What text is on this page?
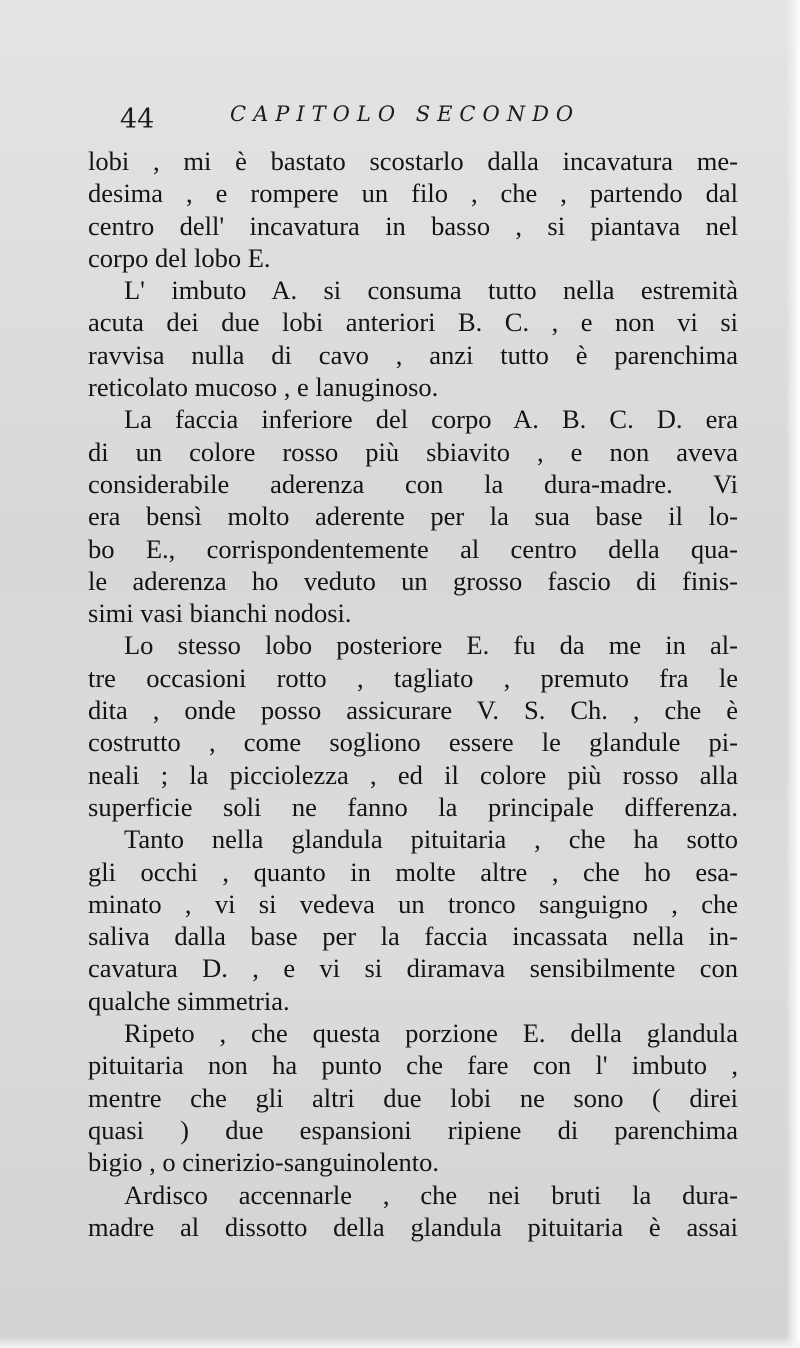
44	CAPITOLO SECONDO
lobi , mi è bastato scostarlo dalla incavatura me-
desima , e rompere un filo , che , partendo dal
centro dell' incavatura in basso , si piantava nel
corpo del lobo E.
L' imbuto A. si consuma tutto nella estremità
acuta dei due lobi anteriori B. C. , e non vi si
ravvisa nulla di cavo , anzi tutto è parenchima
reticolato mucoso , e lanuginoso.
La faccia inferiore del corpo A. B. C. D. era
di un colore rosso più sbiavito , e non aveva
considerabile aderenza con la dura-madre. Vi
era bensì molto aderente per la sua base il lo-
bo E., corrispondentemente al centro della qua-
le aderenza ho veduto un grosso fascio di finis-
simi vasi bianchi nodosi.
Lo stesso lobo posteriore E. fu da me in al-
tre occasioni rotto , tagliato , premuto fra le
dita , onde posso assicurare V. S. Ch. , che è
costrutto , come sogliono essere le glandule pi-
neali ; la picciolezza , ed il colore più rosso alla
superficie soli ne fanno la principale differenza.
Tanto nella glandula pituitaria , che ha sotto
gli occhi , quanto in molte altre , che ho esa-
minato , vi si vedeva un tronco sanguigno , che
saliva dalla base per la faccia incassata nella in-
cavatura D. , e vi si diramava sensibilmente con
qualche simmetria.
Ripeto , che questa porzione E. della glandula
pituitaria non ha punto che fare con l' imbuto ,
mentre che gli altri due lobi ne sono ( direi
quasi ) due espansioni ripiene di parenchima
bigio , o cinerizio-sanguinolento.
Ardisco accennarle , che nei bruti la dura-
madre al dissotto della glandula pituitaria è assai
